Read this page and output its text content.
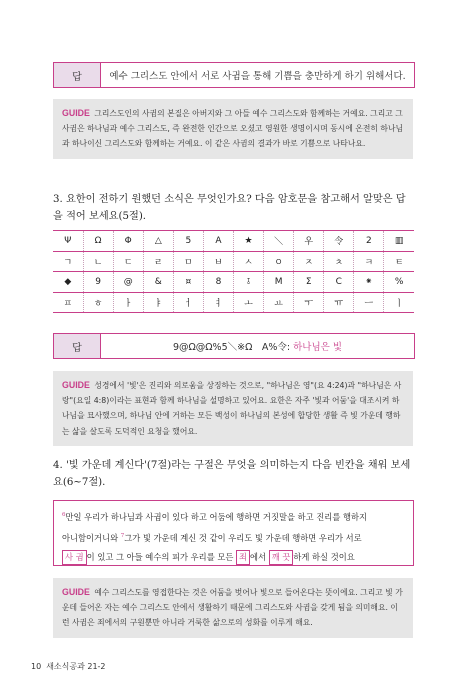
답	예수 그리스도 안에서 서로 사귐을 통해 기쁨을 충만하게 하기 위해서다.
GUIDE 그리스도인의 사귐의 본질은 아버지와 그 아들 예수 그리스도와 함께하는 거예요. 그리고 그 사귐은 하나님과 예수 그리스도, 즉 완전한 인간으로 오셨고 영원한 생명이시며 동시에 온전히 하나님과 하나이신 그리스도와 함께하는 거예요. 이 같은 사귐의 결과가 바로 기쁨으로 나타나요.
3. 요한이 전하기 원했던 소식은 무엇인가요? 다음 암호문을 참고해서 알맞은 답을 적어 보세요(5절).
Ψ	Ω	Φ	△	5	A	★	＼	우	令	2	▥
ㄱ	ㄴ	ㄷ	ㄹ	ㅁ	ㅂ	ㅅ	ㅇ	ㅈ	ㅊ	ㅋ	ㅌ
◆	9	@	&	¤	8	⫱	M	Σ	C	⁕	%
ㅍ	ㅎ	ㅏ	ㅑ	ㅓ	ㅕ	ㅗ	ㅛ	ㅜ	ㅠ	ㅡ	ㅣ
답	9@Ω@Ω%5＼※Ω　A%令:
하나님은 빛
GUIDE 성경에서 '빛'은 진리와 의로움을 상징하는 것으로, "하나님은 영"(요 4:24)과 "하나님은 사랑"(요일 4:8)이라는 표현과 함께 하나님을 설명하고 있어요. 요한은 자주 '빛과 어둠'을 대조시켜 하나님을 묘사했으며, 하나님 안에 거하는 모든 백성이 하나님의 본성에 합당한 생활 즉 빛 가운데 행하는 삶을 살도록 도덕적인 요청을 했어요.
4. '빛 가운데 계신다'(7절)라는 구절은 무엇을 의미하는지 다음 빈칸을 채워 보세요(6~7절).
$^6$만일 우리가 하나님과 사귐이 있다 하고 어둠에 행하면 거짓말을 하고 진리를 행하지
아니함이거니와 $^7$그가 빛 가운데 계신 것 같이 우리도 빛 가운데 행하면 우리가 서로
사 귐 이 있고 그 아들 예수의 피가 우리를 모든 죄 에서 깨 끗 하게 하실 것이요
GUIDE 예수 그리스도를 영접한다는 것은 어둠을 벗어나 빛으로 들어온다는 뜻이에요. 그리고 빛 가운데 들어온 자는 예수 그리스도 안에서 생활하기 때문에 그리스도와 사귐을 갖게 됨을 의미해요. 이런 사귐은 죄에서의 구원뿐만 아니라 거룩한 삶으로의 성화를 이루게 해요.
10 새소식공과 21-2
